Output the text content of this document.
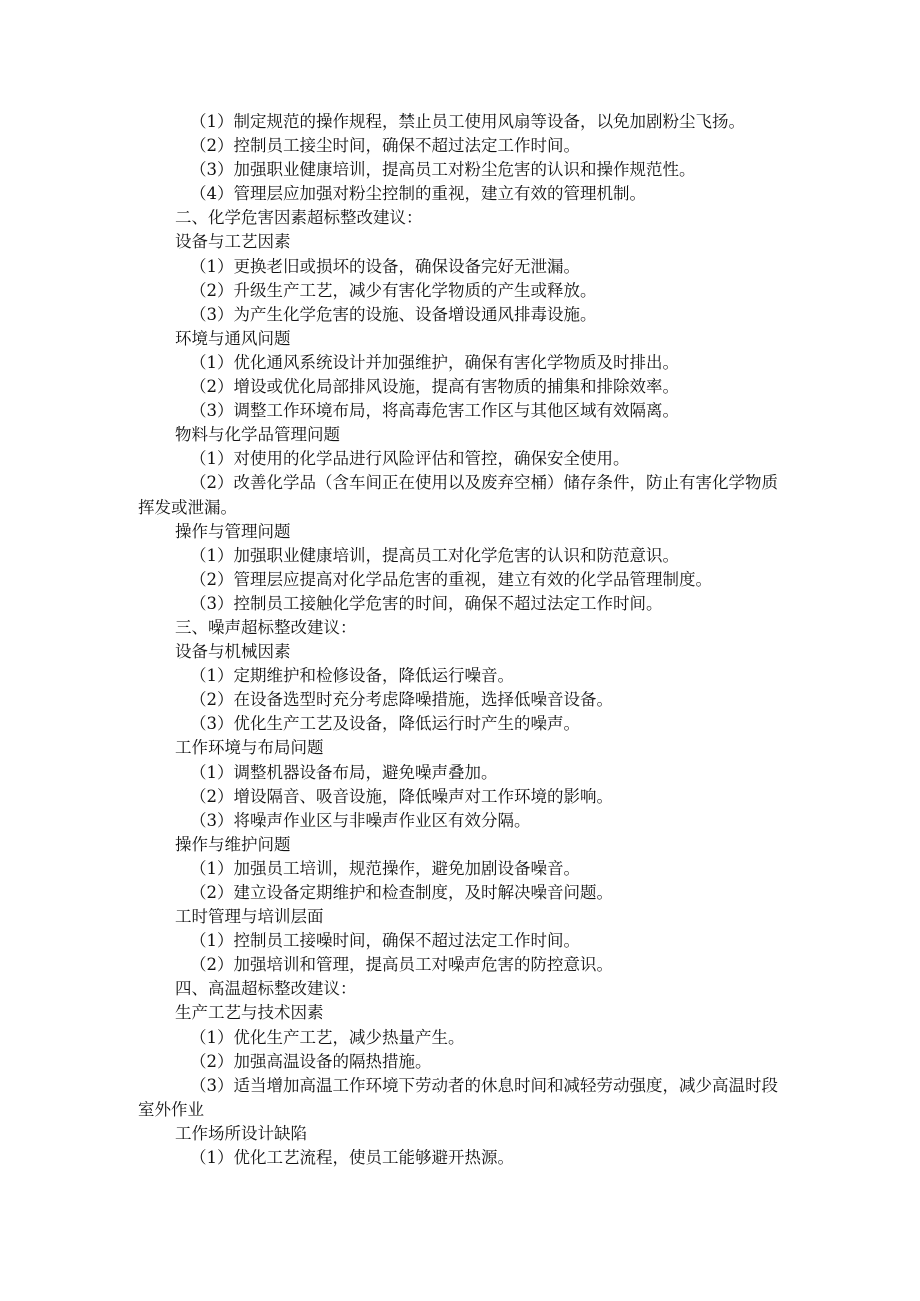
（1）制定规范的操作规程，禁止员工使用风扇等设备，以免加剧粉尘飞扬。
（2）控制员工接尘时间，确保不超过法定工作时间。
（3）加强职业健康培训，提高员工对粉尘危害的认识和操作规范性。
（4）管理层应加强对粉尘控制的重视，建立有效的管理机制。
二、化学危害因素超标整改建议：
设备与工艺因素
（1）更换老旧或损坏的设备，确保设备完好无泄漏。
（2）升级生产工艺，减少有害化学物质的产生或释放。
（3）为产生化学危害的设施、设备增设通风排毒设施。
环境与通风问题
（1）优化通风系统设计并加强维护，确保有害化学物质及时排出。
（2）增设或优化局部排风设施，提高有害物质的捕集和排除效率。
（3）调整工作环境布局，将高毒危害工作区与其他区域有效隔离。
物料与化学品管理问题
（1）对使用的化学品进行风险评估和管控，确保安全使用。
（2）改善化学品（含车间正在使用以及废弃空桶）储存条件，防止有害化学物质挥发或泄漏。
操作与管理问题
（1）加强职业健康培训，提高员工对化学危害的认识和防范意识。
（2）管理层应提高对化学品危害的重视，建立有效的化学品管理制度。
（3）控制员工接触化学危害的时间，确保不超过法定工作时间。
三、噪声超标整改建议：
设备与机械因素
（1）定期维护和检修设备，降低运行噪音。
（2）在设备选型时充分考虑降噪措施，选择低噪音设备。
（3）优化生产工艺及设备，降低运行时产生的噪声。
工作环境与布局问题
（1）调整机器设备布局，避免噪声叠加。
（2）增设隔音、吸音设施，降低噪声对工作环境的影响。
（3）将噪声作业区与非噪声作业区有效分隔。
操作与维护问题
（1）加强员工培训，规范操作，避免加剧设备噪音。
（2）建立设备定期维护和检查制度，及时解决噪音问题。
工时管理与培训层面
（1）控制员工接噪时间，确保不超过法定工作时间。
（2）加强培训和管理，提高员工对噪声危害的防控意识。
四、高温超标整改建议：
生产工艺与技术因素
（1）优化生产工艺，减少热量产生。
（2）加强高温设备的隔热措施。
（3）适当增加高温工作环境下劳动者的休息时间和减轻劳动强度，减少高温时段室外作业
工作场所设计缺陷
（1）优化工艺流程，使员工能够避开热源。
